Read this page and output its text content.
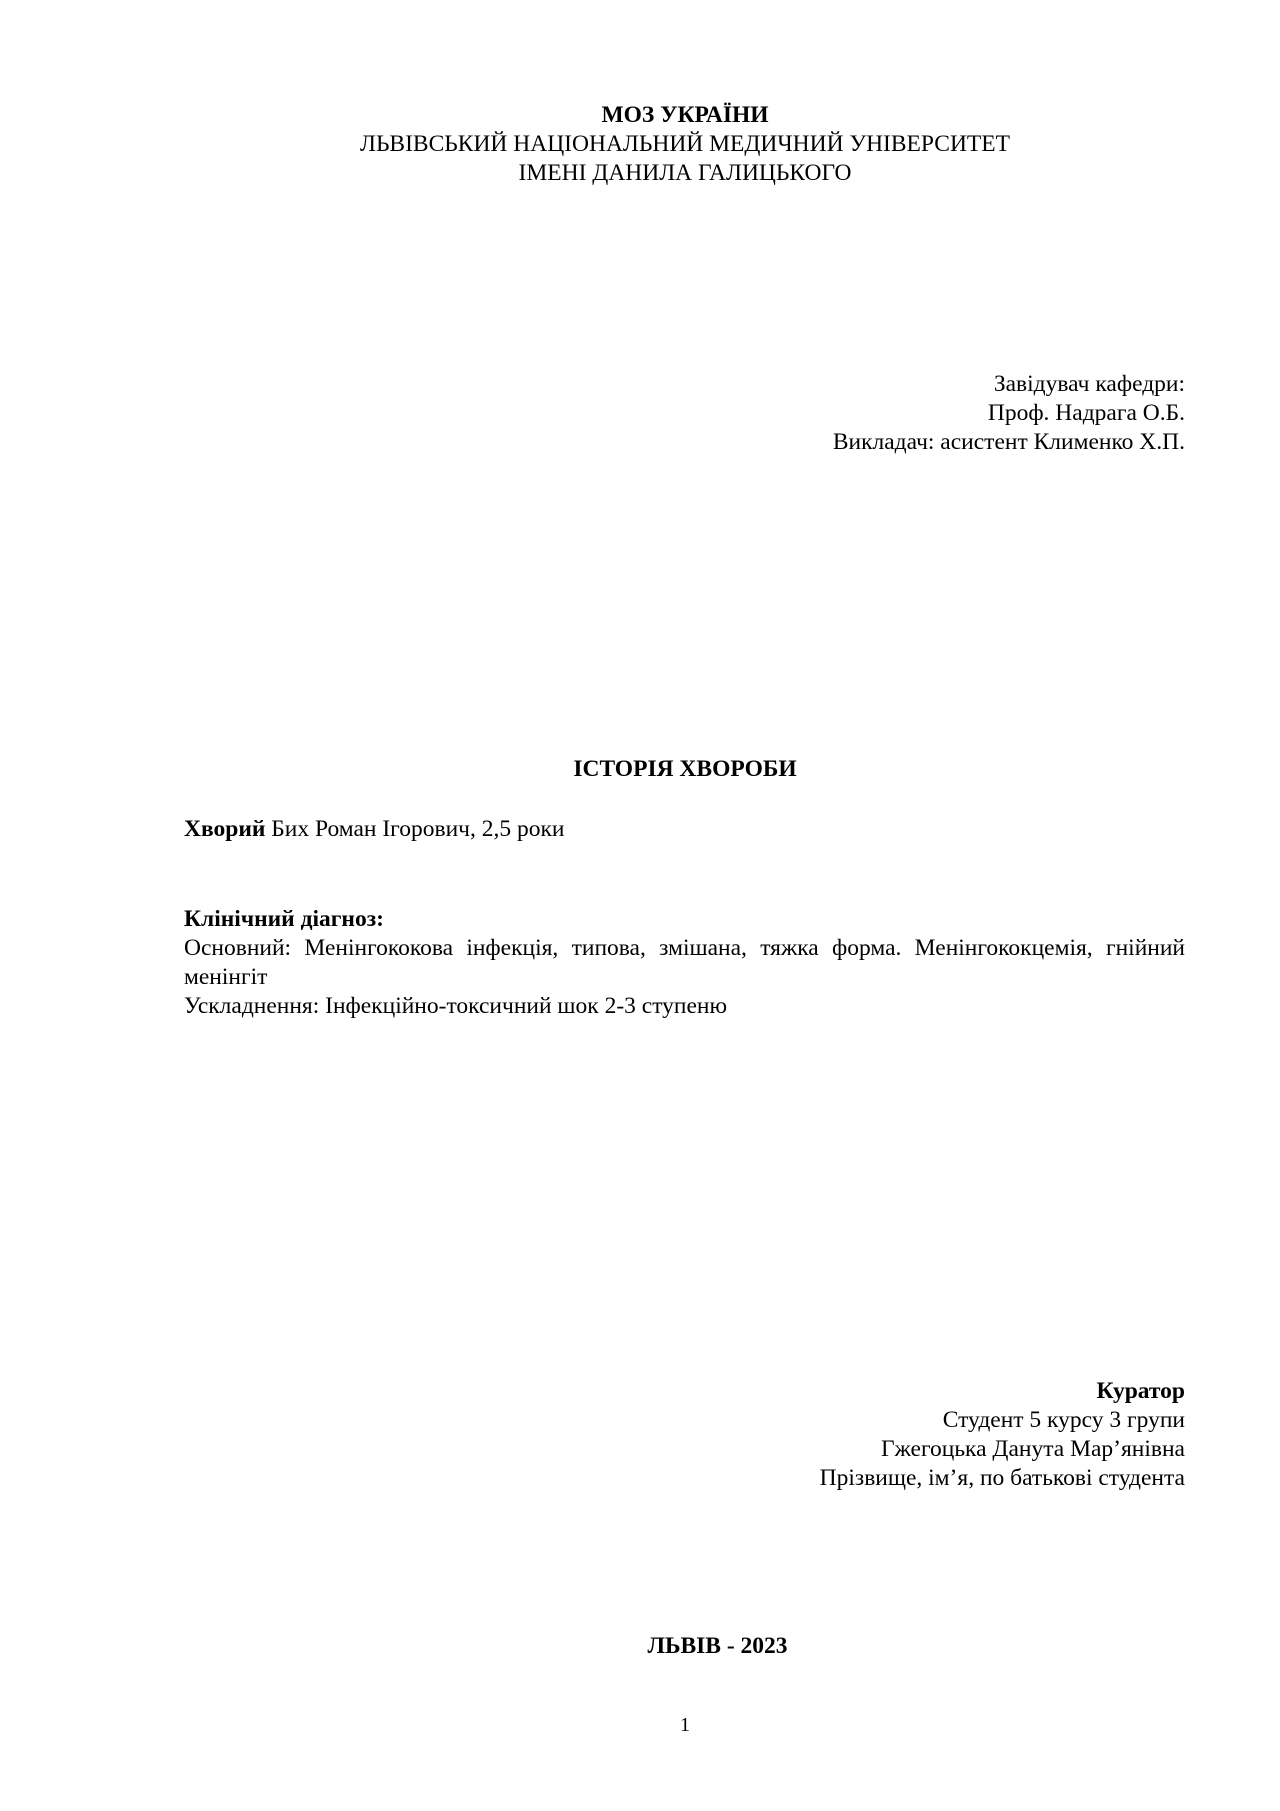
МОЗ УКРАЇНИ
ЛЬВІВСЬКИЙ НАЦІОНАЛЬНИЙ МЕДИЧНИЙ УНІВЕРСИТЕТ
ІМЕНІ ДАНИЛА ГАЛИЦЬКОГО
Завідувач кафедри:
Проф. Надрага О.Б.
Викладач: асистент Клименко Х.П.
ІСТОРІЯ ХВОРОБИ
Хворий Бих Роман Ігорович, 2,5 роки

Клінічний діагноз:

Основний: Менінгококова інфекція, типова, змішана, тяжка форма. Менінгококцемія, гнійний менінгіт

Ускладнення: Інфекційно-токсичний шок 2-3 ступеню

Куратор
Студент 5 курсу 3 групи
Гжегоцька Данута Мар’янівна
Прізвище, ім’я, по батькові студента
ЛЬВІВ - 2023
1
